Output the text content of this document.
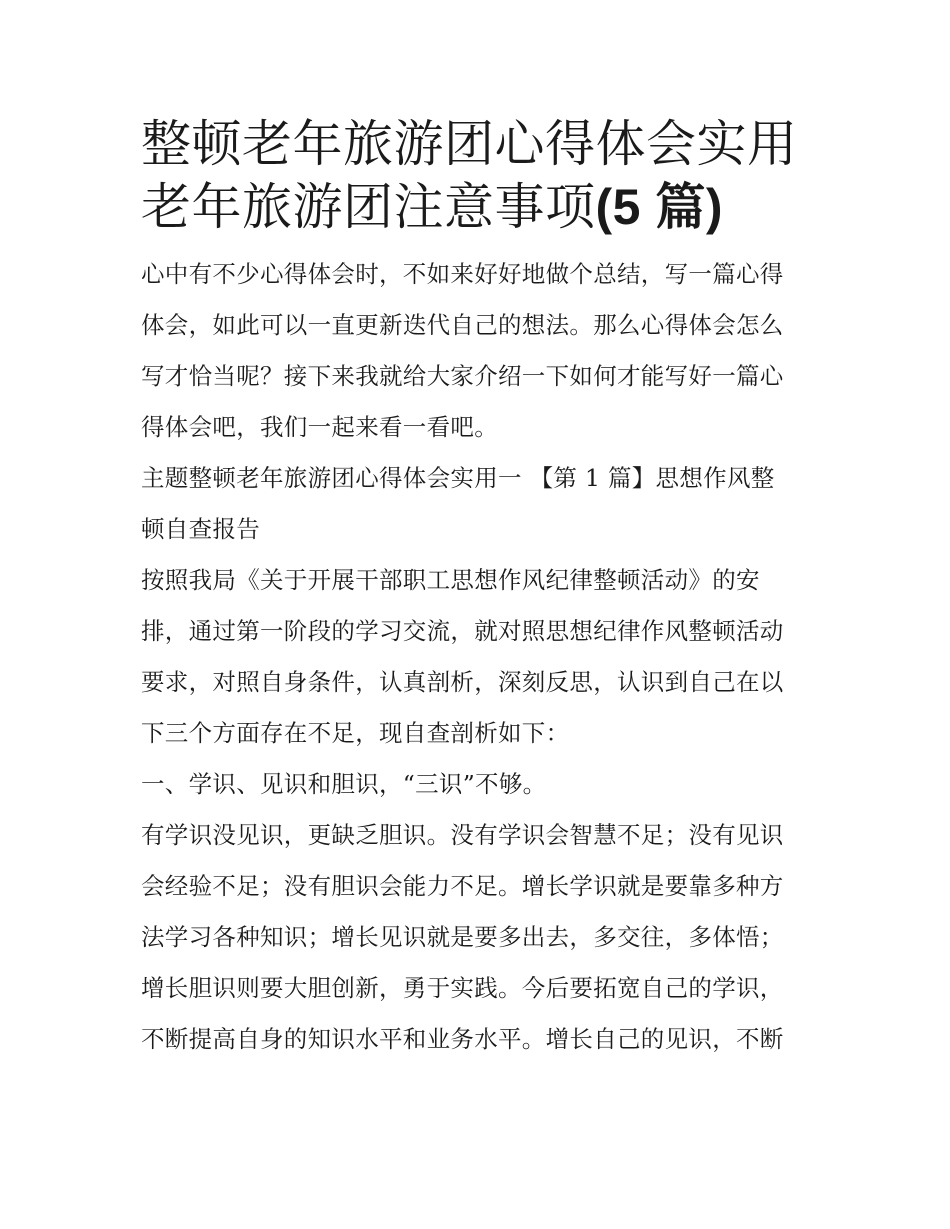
整顿老年旅游团心得体会实用
老年旅游团注意事项(5 篇)

心中有不少心得体会时，不如来好好地做个总结，写一篇心得
体会，如此可以一直更新迭代自己的想法。那么心得体会怎么
写才恰当呢？接下来我就给大家介绍一下如何才能写好一篇心
得体会吧，我们一起来看一看吧。

主题整顿老年旅游团心得体会实用一 【第 1 篇】思想作风整
顿自查报告

按照我局《关于开展干部职工思想作风纪律整顿活动》的安
排，通过第一阶段的学习交流，就对照思想纪律作风整顿活动
要求，对照自身条件，认真剖析，深刻反思，认识到自己在以
下三个方面存在不足，现自查剖析如下：

一、学识、见识和胆识，“三识”不够。

有学识没见识，更缺乏胆识。没有学识会智慧不足；没有见识
会经验不足；没有胆识会能力不足。增长学识就是要靠多种方
法学习各种知识；增长见识就是要多出去，多交往，多体悟；
增长胆识则要大胆创新，勇于实践。今后要拓宽自己的学识，
不断提高自身的知识水平和业务水平。增长自己的见识，不断
